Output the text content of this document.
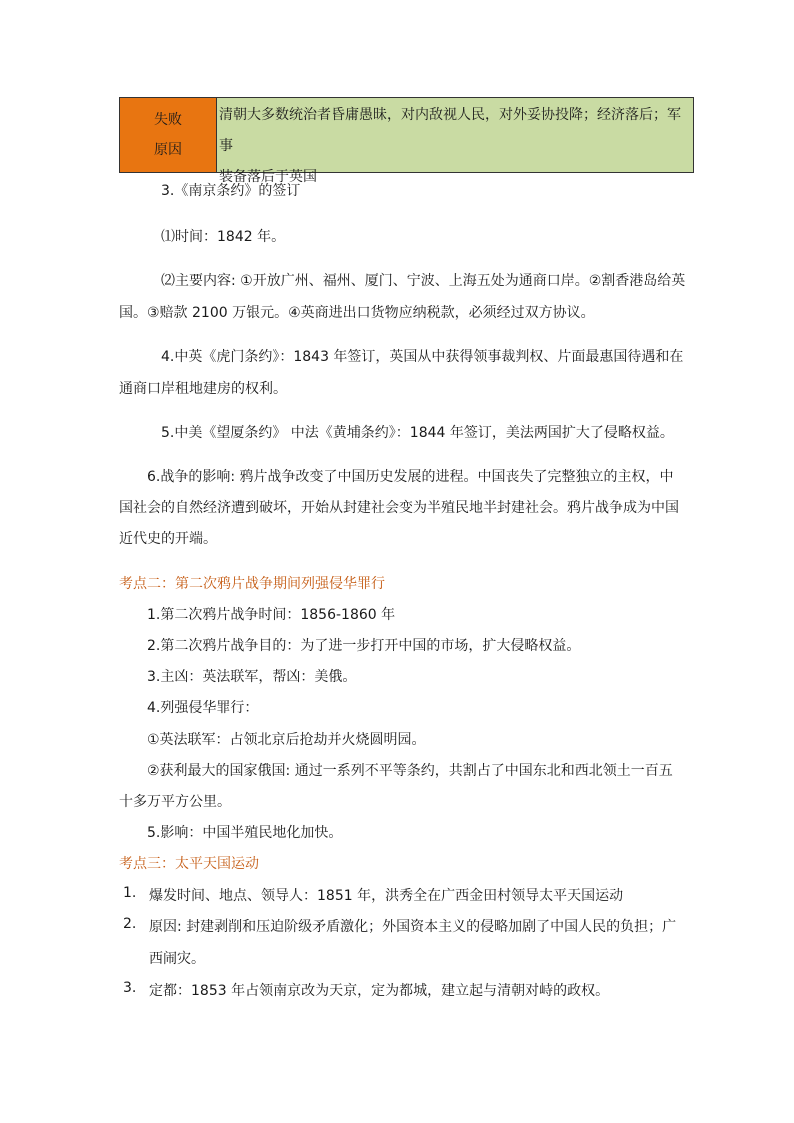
失败
原因
清朝大多数统治者昏庸愚昧，对内敌视人民，对外妥协投降；经济落后；军事
装备落后于英国
3.《南京条约》的签订
⑴时间：1842 年。
⑵主要内容: ①开放广州、福州、厦门、宁波、上海五处为通商口岸。②割香港岛给英
国。③赔款 2100 万银元。④英商进出口货物应纳税款，必须经过双方协议。
4.中英《虎门条约》：1843 年签订，英国从中获得领事裁判权、片面最惠国待遇和在
通商口岸租地建房的权利。
5.中美《望厦条约》 中法《黄埔条约》：1844 年签订，美法两国扩大了侵略权益。
6.战争的影响: 鸦片战争改变了中国历史发展的进程。中国丧失了完整独立的主权，中
国社会的自然经济遭到破坏，开始从封建社会变为半殖民地半封建社会。鸦片战争成为中国
近代史的开端。
考点二：第二次鸦片战争期间列强侵华罪行
1.第二次鸦片战争时间：1856-1860 年
2.第二次鸦片战争目的：为了进一步打开中国的市场，扩大侵略权益。
3.主凶：英法联军，帮凶：美俄。
4.列强侵华罪行：
①英法联军：占领北京后抢劫并火烧圆明园。
②获利最大的国家俄国: 通过一系列不平等条约，共割占了中国东北和西北领土一百五
十多万平方公里。
5.影响：中国半殖民地化加快。
考点三：太平天国运动
1. 爆发时间、地点、领导人：1851 年，洪秀全在广西金田村领导太平天国运动
2. 原因: 封建剥削和压迫阶级矛盾激化；外国资本主义的侵略加剧了中国人民的负担；广
西闹灾。
3. 定都：1853 年占领南京改为天京，定为都城，建立起与清朝对峙的政权。
